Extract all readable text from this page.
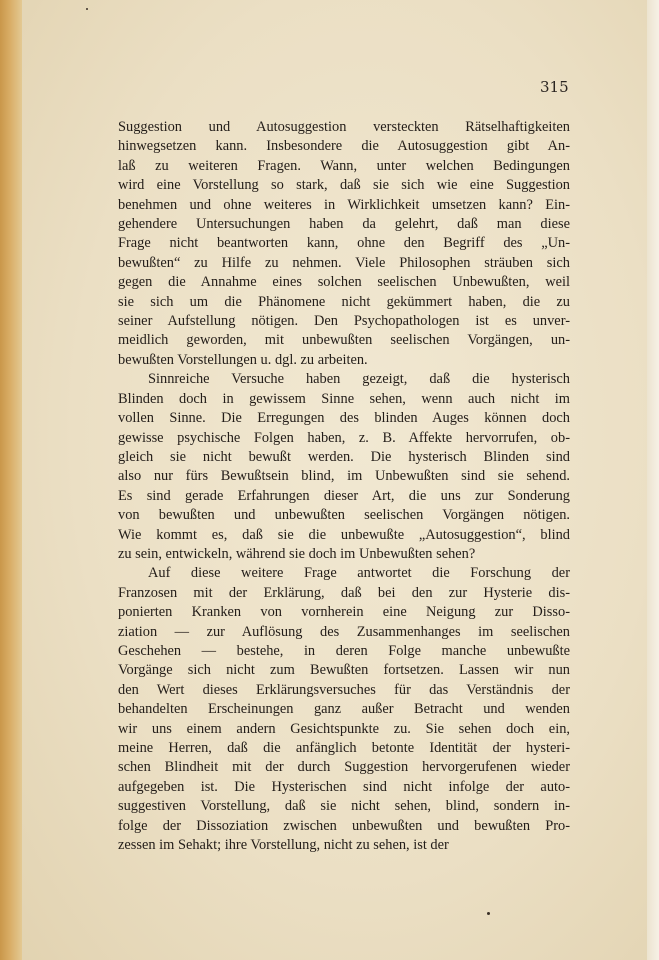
315

Suggestion und Autosuggestion versteckten Rätselhaftigkeiten
hinwegsetzen kann. Insbesondere die Autosuggestion gibt An-
laß zu weiteren Fragen. Wann, unter welchen Bedingungen
wird eine Vorstellung so stark, daß sie sich wie eine Suggestion
benehmen und ohne weiteres in Wirklichkeit umsetzen kann? Ein-
gehendere Untersuchungen haben da gelehrt, daß man diese
Frage nicht beantworten kann, ohne den Begriff des „Un-
bewußten“ zu Hilfe zu nehmen. Viele Philosophen sträuben sich
gegen die Annahme eines solchen seelischen Unbewußten, weil
sie sich um die Phänomene nicht gekümmert haben, die zu
seiner Aufstellung nötigen. Den Psychopathologen ist es unver-
meidlich geworden, mit unbewußten seelischen Vorgängen, un-
bewußten Vorstellungen u. dgl. zu arbeiten.

Sinnreiche Versuche haben gezeigt, daß die hysterisch
Blinden doch in gewissem Sinne sehen, wenn auch nicht im
vollen Sinne. Die Erregungen des blinden Auges können doch
gewisse psychische Folgen haben, z. B. Affekte hervorrufen, ob-
gleich sie nicht bewußt werden. Die hysterisch Blinden sind
also nur fürs Bewußtsein blind, im Unbewußten sind sie sehend.
Es sind gerade Erfahrungen dieser Art, die uns zur Sonderung
von bewußten und unbewußten seelischen Vorgängen nötigen.
Wie kommt es, daß sie die unbewußte „Autosuggestion“, blind
zu sein, entwickeln, während sie doch im Unbewußten sehen?

Auf diese weitere Frage antwortet die Forschung der
Franzosen mit der Erklärung, daß bei den zur Hysterie dis-
ponierten Kranken von vornherein eine Neigung zur Disso-
ziation — zur Auflösung des Zusammenhanges im seelischen
Geschehen — bestehe, in deren Folge manche unbewußte
Vorgänge sich nicht zum Bewußten fortsetzen. Lassen wir nun
den Wert dieses Erklärungsversuches für das Verständnis der
behandelten Erscheinungen ganz außer Betracht und wenden
wir uns einem andern Gesichtspunkte zu. Sie sehen doch ein,
meine Herren, daß die anfänglich betonte Identität der hysteri-
schen Blindheit mit der durch Suggestion hervorgerufenen wieder
aufgegeben ist. Die Hysterischen sind nicht infolge der auto-
suggestiven Vorstellung, daß sie nicht sehen, blind, sondern in-
folge der Dissoziation zwischen unbewußten und bewußten Pro-
zessen im Sehakt; ihre Vorstellung, nicht zu sehen, ist der
